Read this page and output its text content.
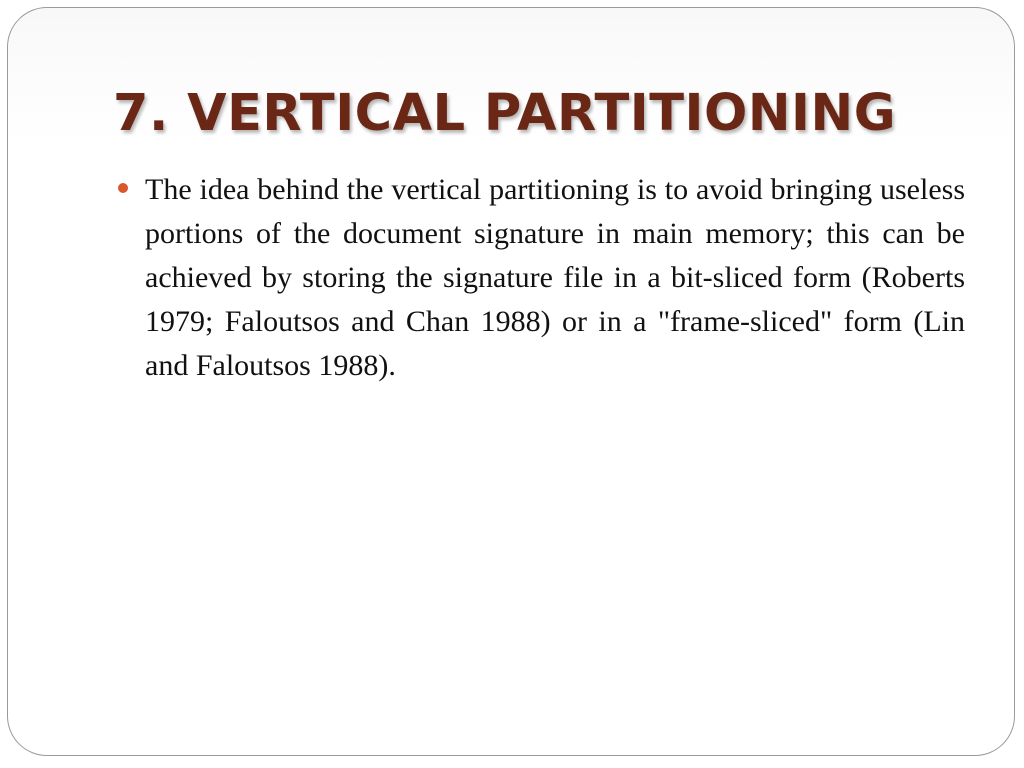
7. VERTICAL PARTITIONING
The idea behind the vertical partitioning is to avoid bringing useless portions of the document signature in main memory; this can be achieved by storing the signature file in a bit-sliced form (Roberts 1979; Faloutsos and Chan 1988) or in a "frame-sliced" form (Lin and Faloutsos 1988).
